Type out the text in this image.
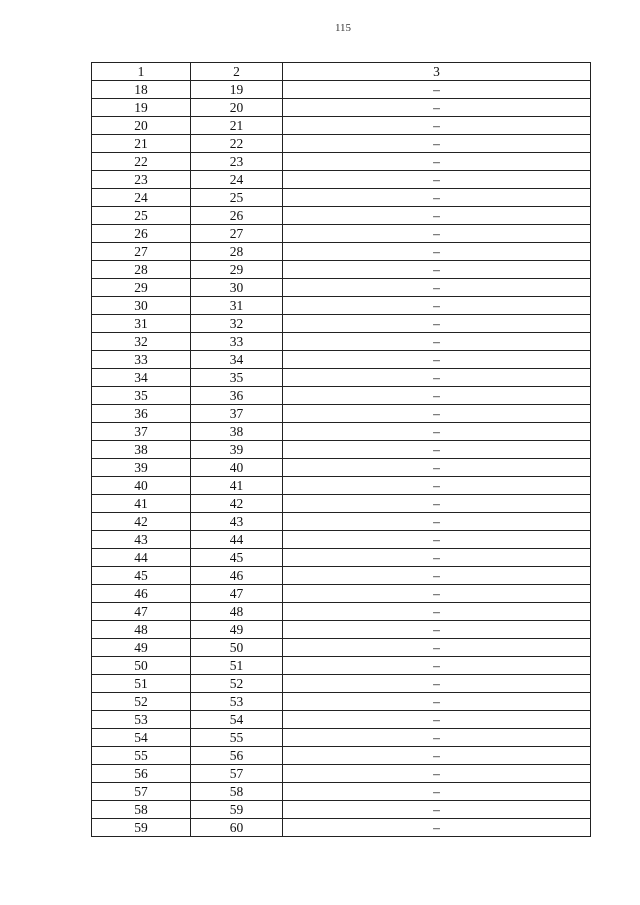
115
1	2	3
18	19	–
19	20	–
20	21	–
21	22	–
22	23	–
23	24	–
24	25	–
25	26	–
26	27	–
27	28	–
28	29	–
29	30	–
30	31	–
31	32	–
32	33	–
33	34	–
34	35	–
35	36	–
36	37	–
37	38	–
38	39	–
39	40	–
40	41	–
41	42	–
42	43	–
43	44	–
44	45	–
45	46	–
46	47	–
47	48	–
48	49	–
49	50	–
50	51	–
51	52	–
52	53	–
53	54	–
54	55	–
55	56	–
56	57	–
57	58	–
58	59	–
59	60	–
